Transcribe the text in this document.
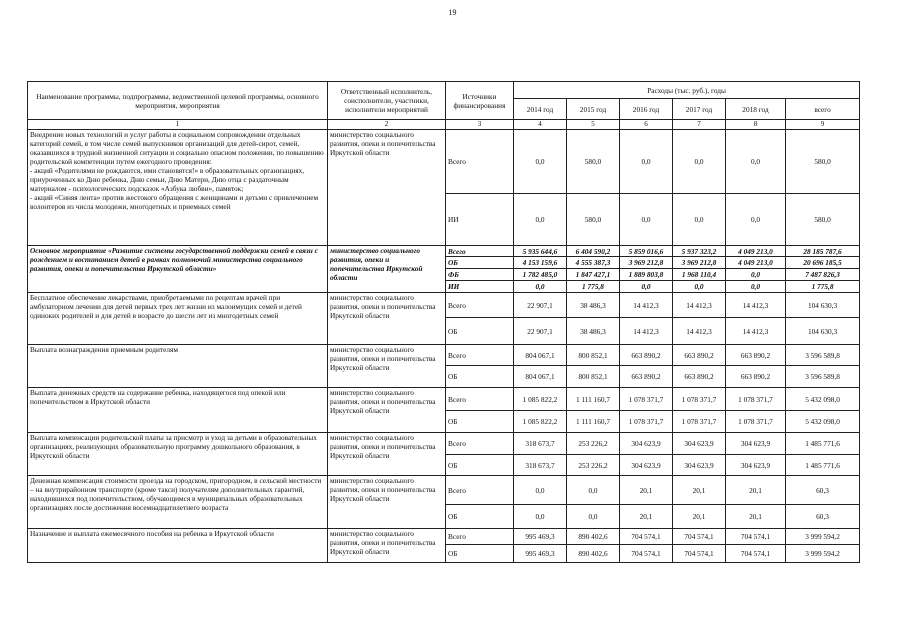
19
Наименование программы, подпрограммы, ведомственной целевой программы, основного мероприятия, мероприятия	Ответственный исполнитель, соисполнители, участники, исполнители мероприятий	Источники финансирования	Расходы (тыс. руб.), годы					
			2014 год	2015 год	2016 год	2017 год	2018 год	всего
1	2	3	4	5	6	7	8	9
Внедрение новых технологий и услуг работы в социальном сопровождении отдельных категорий семей, в том числе семей выпускников организаций для детей-сирот, семей, оказавшихся в трудной жизненной ситуации и социально опасном положении, по повышению родительской компетенции путем ежегодного проведения:
- акций «Родителями не рождаются, ими становятся!» в образовательных организациях, приуроченных ко Дню ребенка, Дню семьи, Дню Матери, Дню отца с раздаточным материалом - психологических подсказок «Азбука любви», памяток;
- акций «Синяя лента» против жестокого обращения с женщинами и детьми с привлечением волонтеров из числа молодежи, многодетных и приемных семей	министерство социального развития, опеки и попечительства Иркутской области	Всего	0,0	580,0	0,0	0,0	0,0	580,0
		ИИ	0,0	580,0	0,0	0,0	0,0	580,0
Основное мероприятие «Развитие системы государственной поддержки семей в связи с рождением и воспитанием детей в рамках полномочий министерства социального развития, опеки и попечительства Иркутской области»	министерство социального развития, опеки и попечительства Иркутской области	Всего	5 935 644,6	6 404 590,2	5 859 016,6	5 937 323,2	4 049 213,0	28 185 787,6
		ОБ	4 153 159,6	4 555 387,3	3 969 212,8	3 969 212,8	4 049 213,0	20 696 185,5
		ФБ	1 782 485,0	1 847 427,1	1 889 803,8	1 968 110,4	0,0	7 487 826,3
		ИИ	0,0	1 775,8	0,0	0,0	0,0	1 775,8
Бесплатное обеспечение лекарствами, приобретаемыми по рецептам врачей при амбулаторном лечении для детей первых трех лет жизни из малоимущих семей и детей одиноких родителей и для детей в возрасте до шести лет из многодетных семей	министерство социального развития, опеки и попечительства Иркутской области	Всего	22 907,1	38 486,3	14 412,3	14 412,3	14 412,3	104 630,3
		ОБ	22 907,1	38 486,3	14 412,3	14 412,3	14 412,3	104 630,3
Выплата вознаграждения приемным родителям	министерство социального развития, опеки и попечительства Иркутской области	Всего	804 067,1	800 852,1	663 890,2	663 890,2	663 890,2	3 596 589,8
		ОБ	804 067,1	800 852,1	663 890,2	663 890,2	663 890,2	3 596 589,8
Выплата денежных средств на содержание ребенка, находящегося под опекой или попечительством в Иркутской области	министерство социального развития, опеки и попечительства Иркутской области	Всего	1 085 822,2	1 111 160,7	1 078 371,7	1 078 371,7	1 078 371,7	5 432 098,0
		ОБ	1 085 822,2	1 111 160,7	1 078 371,7	1 078 371,7	1 078 371,7	5 432 098,0
Выплата компенсации родительской платы за присмотр и уход за детьми в образовательных организациях, реализующих образовательную программу дошкольного образования, в Иркутской области	министерство социального развития, опеки и попечительства Иркутской области	Всего	318 673,7	253 226,2	304 623,9	304 623,9	304 623,9	1 485 771,6
		ОБ	318 673,7	253 226,2	304 623,9	304 623,9	304 623,9	1 485 771,6
Денежная компенсация стоимости проезда на городском, пригородном, в сельской местности – на внутрирайонном транспорте (кроме такси) получателям дополнительных гарантий, находившихся под попечительством, обучающимся в муниципальных образовательных организациях после достижения восемнадцатилетнего возраста	министерство социального развития, опеки и попечительства Иркутской области	Всего	0,0	0,0	20,1	20,1	20,1	60,3
		ОБ	0,0	0,0	20,1	20,1	20,1	60,3
Назначение и выплата ежемесячного пособия на ребенка в Иркутской области	министерство социального развития, опеки и попечительства Иркутской области	Всего	995 469,3	890 402,6	704 574,1	704 574,1	704 574,1	3 999 594,2
		ОБ	995 469,3	890 402,6	704 574,1	704 574,1	704 574,1	3 999 594,2
